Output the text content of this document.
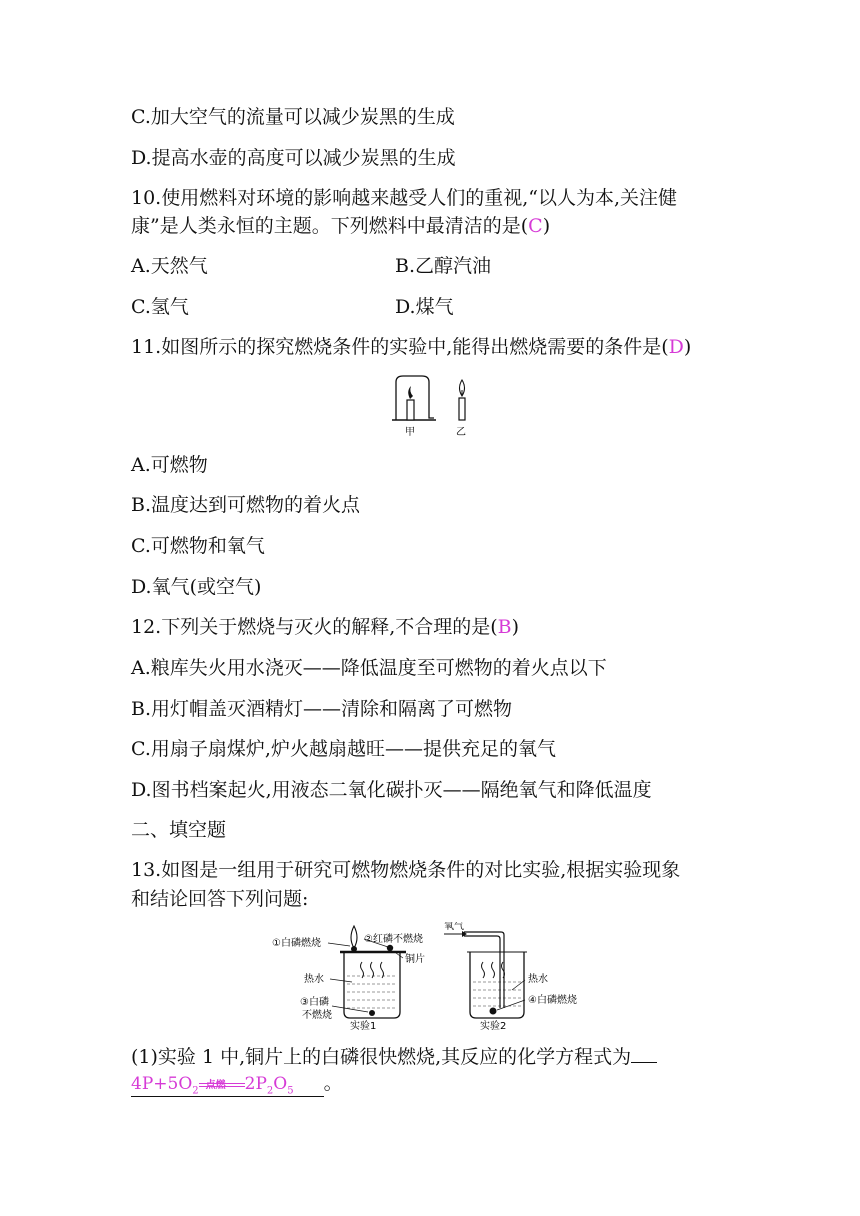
C.加大空气的流量可以减少炭黑的生成
D.提高水壶的高度可以减少炭黑的生成
10.使用燃料对环境的影响越来越受人们的重视,“以人为本,关注健
康”是人类永恒的主题。下列燃料中最清洁的是(C)
A.天然气	B.乙醇汽油
C.氢气	D.煤气
11.如图所示的探究燃烧条件的实验中,能得出燃烧需要的条件是(D)
甲	乙
A.可燃物
B.温度达到可燃物的着火点
C.可燃物和氧气
D.氧气(或空气)
12.下列关于燃烧与灭火的解释,不合理的是(B)
A.粮库失火用水浇灭——降低温度至可燃物的着火点以下
B.用灯帽盖灭酒精灯——清除和隔离了可燃物
C.用扇子扇煤炉,炉火越扇越旺——提供充足的氧气
D.图书档案起火,用液态二氧化碳扑灭——隔绝氧气和降低温度
二、填空题
13.如图是一组用于研究可燃物燃烧条件的对比实验,根据实验现象
和结论回答下列问题:
①白磷燃烧	②红磷不燃烧
铜片
热水
③白磷
不燃烧
实验1
氧气
热水
④白磷燃烧
实验2
(1)实验 1 中,铜片上的白磷很快燃烧,其反应的化学方程式为
$4P+5O_2$ 点燃 $2P_2O_5$ 。
